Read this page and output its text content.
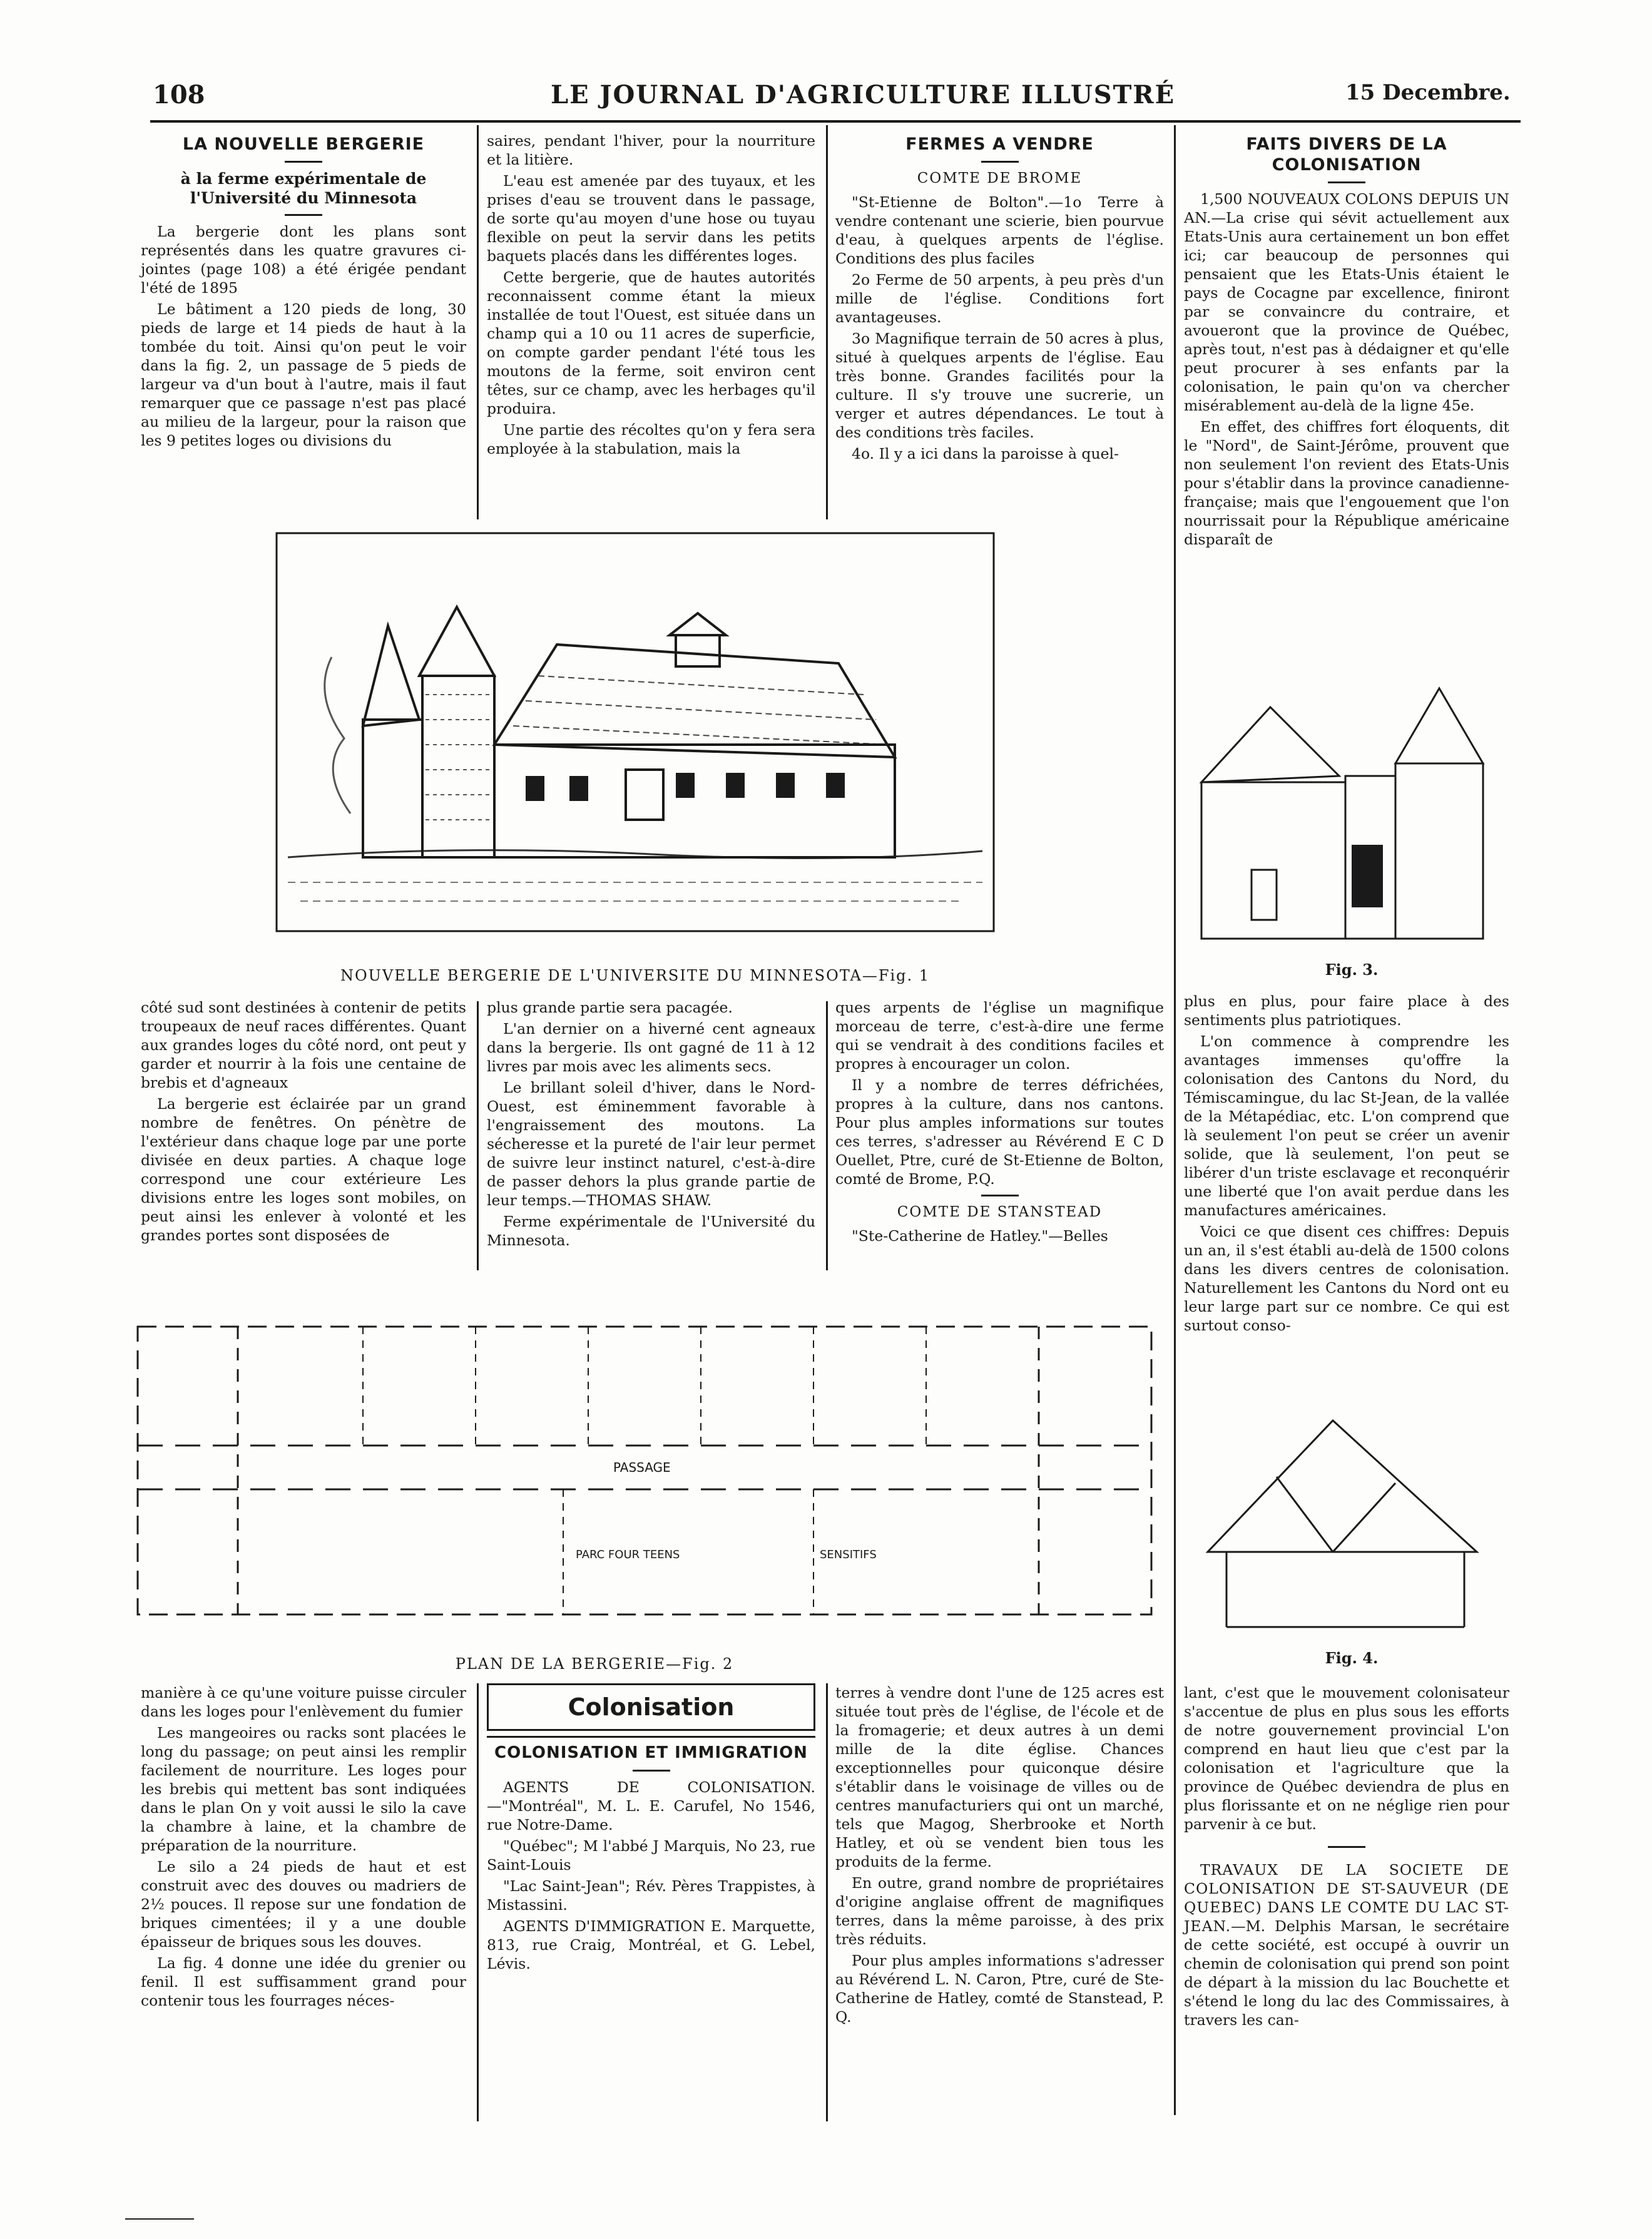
108	LE JOURNAL D'AGRICULTURE ILLUSTRÉ	15 Decembre.
LA NOUVELLE BERGERIE
à la ferme expérimentale de l'Université du Minnesota

La bergerie dont les plans sont représentés dans les quatre gravures ci-jointes (page 108) a été érigée pendant l'été de 1895

Le bâtiment a 120 pieds de long, 30 pieds de large et 14 pieds de haut à la tombée du toit. Ainsi qu'on peut le voir dans la fig. 2, un passage de 5 pieds de largeur va d'un bout à l'autre, mais il faut remarquer que ce passage n'est pas placé au milieu de la largeur, pour la raison que les 9 petites loges ou divisions du

saires, pendant l'hiver, pour la nourriture et la litière.

L'eau est amenée par des tuyaux, et les prises d'eau se trouvent dans le passage, de sorte qu'au moyen d'une hose ou tuyau flexible on peut la servir dans les petits baquets placés dans les différentes loges.

Cette bergerie, que de hautes autorités reconnaissent comme étant la mieux installée de tout l'Ouest, est située dans un champ qui a 10 ou 11 acres de superficie, on compte garder pendant l'été tous les moutons de la ferme, soit environ cent têtes, sur ce champ, avec les herbages qu'il produira.

Une partie des récoltes qu'on y fera sera employée à la stabulation, mais la

FERMES A VENDRE
COMTE DE BROME

"St-Etienne de Bolton".—1o Terre à vendre contenant une scierie, bien pourvue d'eau, à quelques arpents de l'église. Conditions des plus faciles

2o Ferme de 50 arpents, à peu près d'un mille de l'église. Conditions fort avantageuses.

3o Magnifique terrain de 50 acres à plus, situé à quelques arpents de l'église. Eau très bonne. Grandes facilités pour la culture. Il s'y trouve une sucrerie, un verger et autres dépendances. Le tout à des conditions très faciles.

4o. Il y a ici dans la paroisse à quel-

FAITS DIVERS DE LA COLONISATION

1,500 NOUVEAUX COLONS DEPUIS UN AN.—La crise qui sévit actuellement aux Etats-Unis aura certainement un bon effet ici; car beaucoup de personnes qui pensaient que les Etats-Unis étaient le pays de Cocagne par excellence, finiront par se convaincre du contraire, et avoueront que la province de Québec, après tout, n'est pas à dédaigner et qu'elle peut procurer à ses enfants par la colonisation, le pain qu'on va chercher misérablement au-delà de la ligne 45e.

En effet, des chiffres fort éloquents, dit le "Nord", de Saint-Jérôme, prouvent que non seulement l'on revient des Etats-Unis pour s'établir dans la province canadienne-française; mais que l'engouement que l'on nourrissait pour la République américaine disparaît de

NOUVELLE BERGERIE DE L'UNIVERSITE DU MINNESOTA—Fig. 1	Fig. 3.

côté sud sont destinées à contenir de petits troupeaux de neuf races différentes. Quant aux grandes loges du côté nord, ont peut y garder et nourrir à la fois une centaine de brebis et d'agneaux

La bergerie est éclairée par un grand nombre de fenêtres. On pénètre de l'extérieur dans chaque loge par une porte divisée en deux parties. A chaque loge correspond une cour extérieure Les divisions entre les loges sont mobiles, on peut ainsi les enlever à volonté et les grandes portes sont disposées de

plus grande partie sera pacagée.

L'an dernier on a hiverné cent agneaux dans la bergerie. Ils ont gagné de 11 à 12 livres par mois avec les aliments secs.

Le brillant soleil d'hiver, dans le Nord-Ouest, est éminemment favorable à l'engraissement des moutons. La sécheresse et la pureté de l'air leur permet de suivre leur instinct naturel, c'est-à-dire de passer dehors la plus grande partie de leur temps.—THOMAS SHAW.

Ferme expérimentale de l'Université du Minnesota.

ques arpents de l'église un magnifique morceau de terre, c'est-à-dire une ferme qui se vendrait à des conditions faciles et propres à encourager un colon.

Il y a nombre de terres défrichées, propres à la culture, dans nos cantons. Pour plus amples informations sur toutes ces terres, s'adresser au Révérend E C D Ouellet, Ptre, curé de St-Etienne de Bolton, comté de Brome, P.Q.

COMTE DE STANSTEAD

"Ste-Catherine de Hatley."—Belles

plus en plus, pour faire place à des sentiments plus patriotiques.

L'on commence à comprendre les avantages immenses qu'offre la colonisation des Cantons du Nord, du Témiscamingue, du lac St-Jean, de la vallée de la Métapédiac, etc. L'on comprend que là seulement l'on peut se créer un avenir solide, que là seulement, l'on peut se libérer d'un triste esclavage et reconquérir une liberté que l'on avait perdue dans les manufactures américaines.

Voici ce que disent ces chiffres: Depuis un an, il s'est établi au-delà de 1500 colons dans les divers centres de colonisation. Naturellement les Cantons du Nord ont eu leur large part sur ce nombre. Ce qui est surtout conso-

PASSAGE
PARC FOUR TEENS	SENSITIFS
PLAN DE LA BERGERIE—Fig. 2	Fig. 4.

manière à ce qu'une voiture puisse circuler dans les loges pour l'enlèvement du fumier

Les mangeoires ou racks sont placées le long du passage; on peut ainsi les remplir facilement de nourriture. Les loges pour les brebis qui mettent bas sont indiquées dans le plan On y voit aussi le silo la cave la chambre à laine, et la chambre de préparation de la nourriture.

Le silo a 24 pieds de haut et est construit avec des douves ou madriers de 2½ pouces. Il repose sur une fondation de briques cimentées; il y a une double épaisseur de briques sous les douves.

La fig. 4 donne une idée du grenier ou fenil. Il est suffisamment grand pour contenir tous les fourrages néces-

Colonisation
COLONISATION ET IMMIGRATION

AGENTS DE COLONISATION.—"Montréal", M. L. E. Carufel, No 1546, rue Notre-Dame.

"Québec"; M l'abbé J Marquis, No 23, rue Saint-Louis

"Lac Saint-Jean"; Rév. Pères Trappistes, à Mistassini.

AGENTS D'IMMIGRATION E. Marquette, 813, rue Craig, Montréal, et G. Lebel, Lévis.

terres à vendre dont l'une de 125 acres est située tout près de l'église, de l'école et de la fromagerie; et deux autres à un demi mille de la dite église. Chances exceptionnelles pour quiconque désire s'établir dans le voisinage de villes ou de centres manufacturiers qui ont un marché, tels que Magog, Sherbrooke et North Hatley, et où se vendent bien tous les produits de la ferme.

En outre, grand nombre de propriétaires d'origine anglaise offrent de magnifiques terres, dans la même paroisse, à des prix très réduits.

Pour plus amples informations s'adresser au Révérend L. N. Caron, Ptre, curé de Ste-Catherine de Hatley, comté de Stanstead, P. Q.

lant, c'est que le mouvement colonisateur s'accentue de plus en plus sous les efforts de notre gouvernement provincial L'on comprend en haut lieu que c'est par la colonisation et l'agriculture que la province de Québec deviendra de plus en plus florissante et on ne néglige rien pour parvenir à ce but.

TRAVAUX DE LA SOCIETE DE COLONISATION DE ST-SAUVEUR (DE QUEBEC) DANS LE COMTE DU LAC ST-JEAN.—M. Delphis Marsan, le secrétaire de cette société, est occupé à ouvrir un chemin de colonisation qui prend son point de départ à la mission du lac Bouchette et s'étend le long du lac des Commissaires, à travers les can-
